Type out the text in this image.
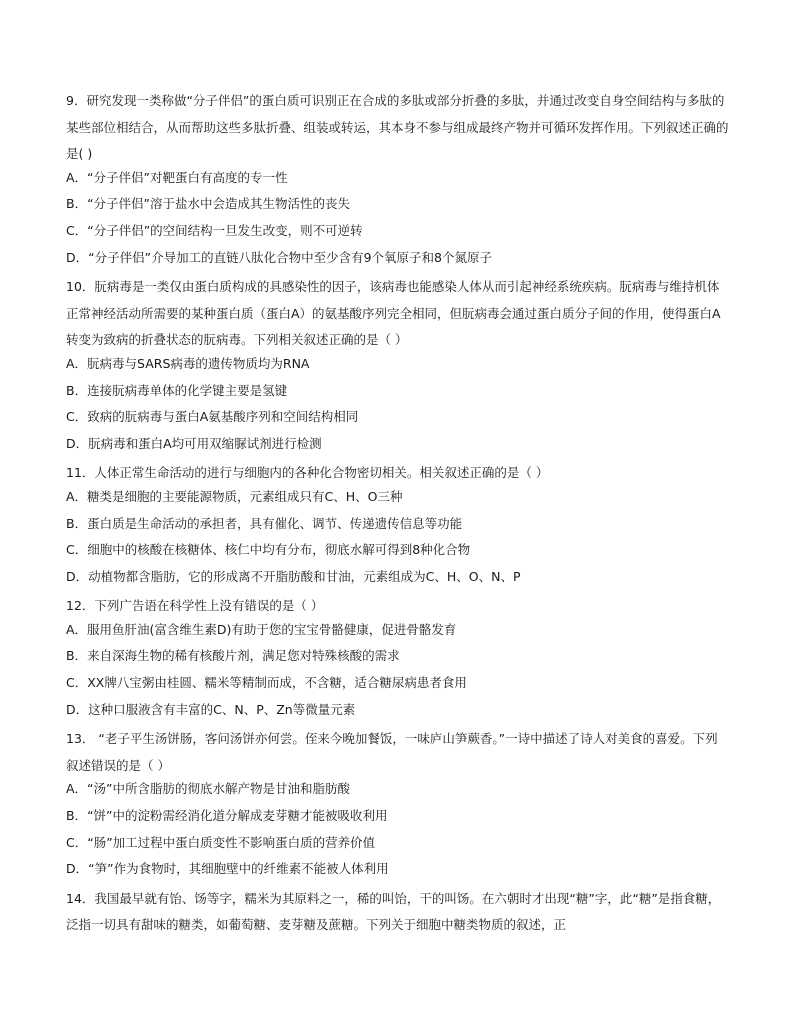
9．研究发现一类称做“分子伴侣”的蛋白质可识别正在合成的多肽或部分折叠的多肽，并通过改变自身空间结构与多肽的某些部位相结合，从而帮助这些多肽折叠、组装或转运，其本身不参与组成最终产物并可循环发挥作用。下列叙述正确的是( )
A．“分子伴侣”对靶蛋白有高度的专一性
B．“分子伴侣”溶于盐水中会造成其生物活性的丧失
C．“分子伴侣”的空间结构一旦发生改变，则不可逆转
D．“分子伴侣”介导加工的直链八肽化合物中至少含有9个氧原子和8个氮原子
10．朊病毒是一类仅由蛋白质构成的具感染性的因子，该病毒也能感染人体从而引起神经系统疾病。朊病毒与维持机体正常神经活动所需要的某种蛋白质（蛋白A）的氨基酸序列完全相同，但朊病毒会通过蛋白质分子间的作用，使得蛋白A转变为致病的折叠状态的朊病毒。下列相关叙述正确的是（ ）
A．朊病毒与SARS病毒的遗传物质均为RNA
B．连接朊病毒单体的化学键主要是氢键
C．致病的朊病毒与蛋白A氨基酸序列和空间结构相同
D．朊病毒和蛋白A均可用双缩脲试剂进行检测
11．人体正常生命活动的进行与细胞内的各种化合物密切相关。相关叙述正确的是（ ）
A．糖类是细胞的主要能源物质，元素组成只有C、H、O三种
B．蛋白质是生命活动的承担者，具有催化、调节、传递遗传信息等功能
C．细胞中的核酸在核糖体、核仁中均有分布，彻底水解可得到8种化合物
D．动植物都含脂肪，它的形成离不开脂肪酸和甘油，元素组成为C、H、O、N、P
12．下列广告语在科学性上没有错误的是（ ）
A．服用鱼肝油(富含维生素D)有助于您的宝宝骨骼健康，促进骨骼发育
B．来自深海生物的稀有核酸片剂，满足您对特殊核酸的需求
C．XX牌八宝粥由桂圆、糯米等精制而成，不含糖，适合糖尿病患者食用
D．这种口服液含有丰富的C、N、P、Zn等微量元素
13． “老子平生汤饼肠，客问汤饼亦何尝。侄来今晚加餐饭，一味庐山笋蕨香。”一诗中描述了诗人对美食的喜爱。下列叙述错误的是（ ）
A．“汤”中所含脂肪的彻底水解产物是甘油和脂肪酸
B．“饼”中的淀粉需经消化道分解成麦芽糖才能被吸收利用
C．“肠”加工过程中蛋白质变性不影响蛋白质的营养价值
D．“笋”作为食物时，其细胞壁中的纤维素不能被人体利用
14．我国最早就有饴、饧等字，糯米为其原料之一，稀的叫饴，干的叫饧。在六朝时才出现“糖”字，此“糖”是指食糖，泛指一切具有甜味的糖类，如葡萄糖、麦芽糖及蔗糖。下列关于细胞中糖类物质的叙述，正
